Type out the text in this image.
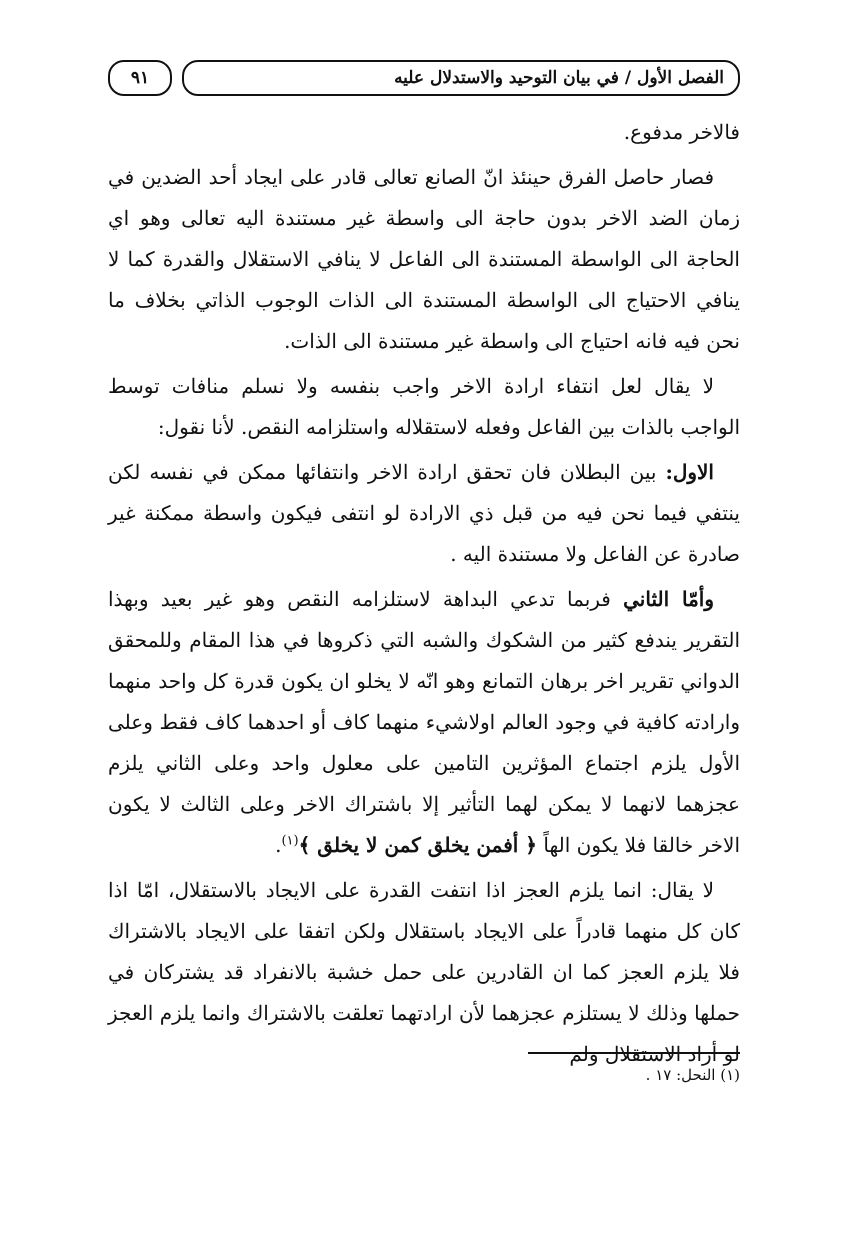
الفصل الأول / في بيان التوحيد والاستدلال عليه
٩١

فالاخر مدفوع.

فصار حاصل الفرق حينئذ انّ الصانع تعالى قادر على ايجاد أحد الضدين في زمان الضد الاخر بدون حاجة الى واسطة غير مستندة اليه تعالى وهو اي الحاجة الى الواسطة المستندة الى الفاعل لا ينافي الاستقلال والقدرة كما لا ينافي الاحتياج الى الواسطة المستندة الى الذات الوجوب الذاتي بخلاف ما نحن فيه فانه احتياج الى واسطة غير مستندة الى الذات.

لا يقال لعل انتفاء ارادة الاخر واجب بنفسه ولا نسلم منافات توسط الواجب بالذات بين الفاعل وفعله لاستقلاله واستلزامه النقص. لأنا نقول:

الاول: بين البطلان فان تحقق ارادة الاخر وانتفائها ممكن في نفسه لكن ينتفي فيما نحن فيه من قبل ذي الارادة لو انتفى فيكون واسطة ممكنة غير صادرة عن الفاعل ولا مستندة اليه .

وأمّا الثاني فربما تدعي البداهة لاستلزامه النقص وهو غير بعيد وبهذا التقرير يندفع كثير من الشكوك والشبه التي ذكروها في هذا المقام وللمحقق الدواني تقرير اخر برهان التمانع وهو انّه لا يخلو ان يكون قدرة كل واحد منهما وارادته كافية في وجود العالم اولاشيء منهما كاف أو احدهما كاف فقط وعلى الأول يلزم اجتماع المؤثرين التامين على معلول واحد وعلى الثاني يلزم عجزهما لانهما لا يمكن لهما التأثير إلا باشتراك الاخر وعلى الثالث لا يكون الاخر خالقا فلا يكون الهاً ﴿ أفمن يخلق كمن لا يخلق ﴾$^{(١)}$.

لا يقال: انما يلزم العجز اذا انتفت القدرة على الايجاد بالاستقلال، امّا اذا كان كل منهما قادراً على الايجاد باستقلال ولكن اتفقا على الايجاد بالاشتراك فلا يلزم العجز كما ان القادرين على حمل خشبة بالانفراد قد يشتركان في حملها وذلك لا يستلزم عجزهما لأن ارادتهما تعلقت بالاشتراك وانما يلزم العجز لو أراد الاستقلال ولم

(١) النحل: ١٧ .
